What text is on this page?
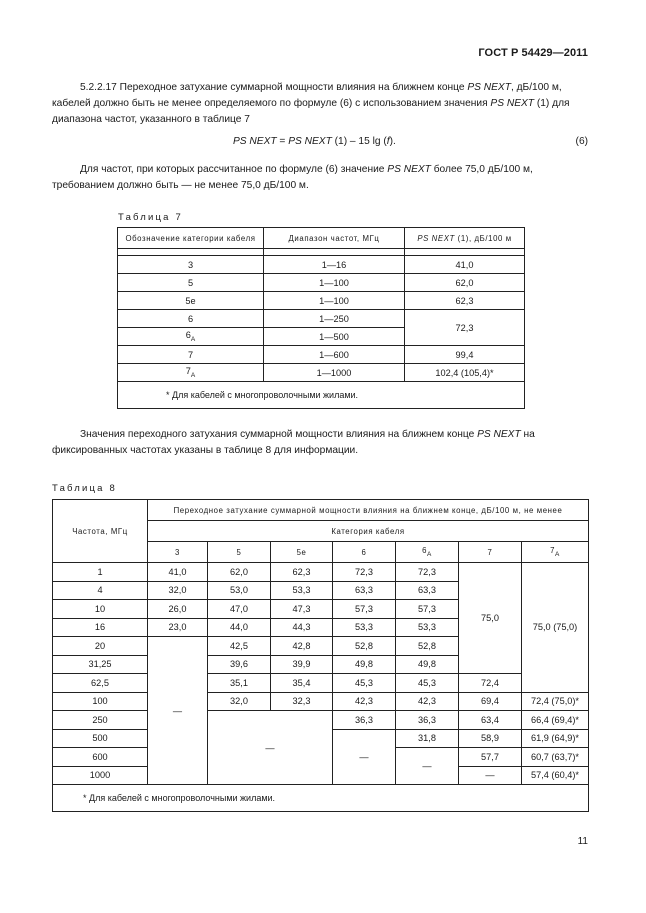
ГОСТ Р 54429—2011
5.2.2.17 Переходное затухание суммарной мощности влияния на ближнем конце PS NEXT, дБ/100 м, кабелей должно быть не менее определяемого по формуле (6) с использованием значения PS NEXT (1) для диапазона частот, указанного в таблице 7
PS NEXT = PS NEXT (1) – 15 lg (f).	(6)
Для частот, при которых рассчитанное по формуле (6) значение PS NEXT более 75,0 дБ/100 м, требованием должно быть — не менее 75,0 дБ/100 м.
Таблица 7
Обозначение категории кабеля	Диапазон частот, МГц	PS NEXT (1), дБ/100 м

3	1—16	41,0
5	1—100	62,0
5e	1—100	62,3
6	1—250	72,3
$6_A$	1—500	
7	1—600	99,4
$7_A$	1—1000	102,4 (105,4)*
* Для кабелей с многопроволочными жилами.		
Значения переходного затухания суммарной мощности влияния на ближнем конце PS NEXT на фиксированных частотах указаны в таблице 8 для информации.
Таблица 8
Частота, МГц	Переходное затухание суммарной мощности влияния на ближнем конце, дБ/100 м, не менее						
	Категория кабеля						
	3	5	5e	6	$6_A$	7	$7_A$
1	41,0	62,0	62,3	72,3	72,3	75,0	75,0 (75,0)
4	32,0	53,0	53,3	63,3	63,3		
10	26,0	47,0	47,3	57,3	57,3		
16	23,0	44,0	44,3	53,3	53,3		
20	—	42,5	42,8	52,8	52,8		
31,25		39,6	39,9	49,8	49,8		
62,5		35,1	35,4	45,3	45,3	72,4	
100		32,0	32,3	42,3	42,3	69,4	72,4 (75,0)*
250		—		36,3	36,3	63,4	66,4 (69,4)*
500				—	31,8	58,9	61,9 (64,9)*
600					—	57,7	60,7 (63,7)*
1000						—	57,4 (60,4)*
* Для кабелей с многопроволочными жилами.							
11
